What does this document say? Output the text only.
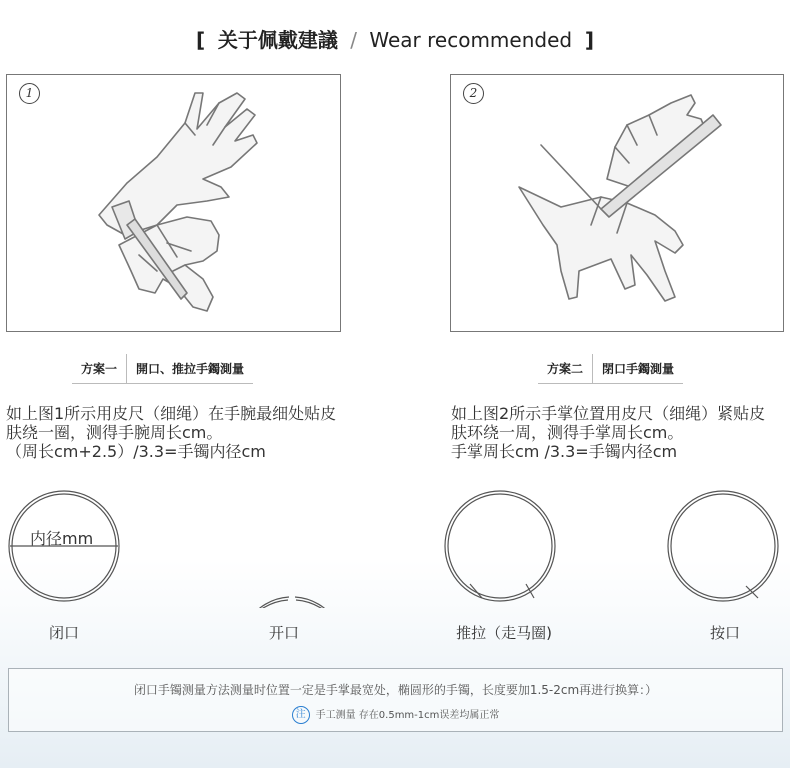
[ 关于佩戴建議 / Wear recommended ]
1	2
方案一	開口、推拉手鐲測量	方案二	閉口手鐲測量
如上图1所示用皮尺（细绳）在手腕最细处贴皮
肤绕一圈，测得手腕周长cm。
（周长cm+2.5）/3.3=手镯内径cm
如上图2所示手掌位置用皮尺（细绳）紧贴皮
肤环绕一周，测得手掌周长cm。
手掌周长cm /3.3=手镯内径cm
内径mm
闭口	开口	推拉（走马圈)	按口
闭口手镯测量方法测量时位置一定是手掌最宽处，椭圆形的手镯，长度要加1.5-2cm再进行换算：）
注 手工测量 存在0.5mm-1cm误差均属正常
